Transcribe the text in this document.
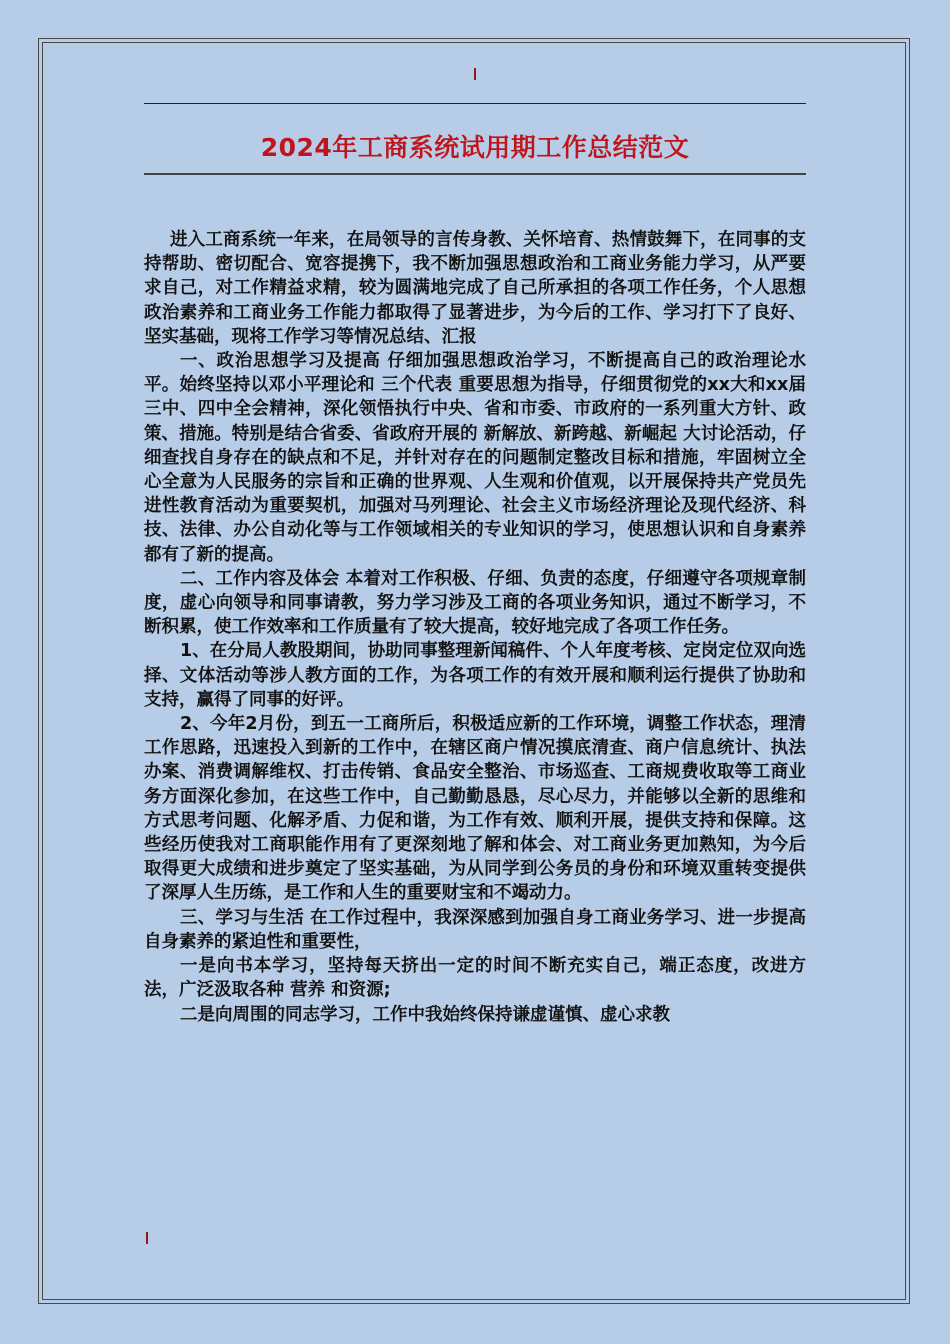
2024年工商系统试用期工作总结范文

进入工商系统一年来，在局领导的言传身教、关怀培育、热情鼓舞下，在同事的支持帮助、密切配合、宽容提携下，我不断加强思想政治和工商业务能力学习，从严要求自己，对工作精益求精，较为圆满地完成了自己所承担的各项工作任务，个人思想政治素养和工商业务工作能力都取得了显著进步，为今后的工作、学习打下了良好、坚实基础，现将工作学习等情况总结、汇报

一、政治思想学习及提高 仔细加强思想政治学习，不断提高自己的政治理论水平。始终坚持以邓小平理论和 三个代表 重要思想为指导，仔细贯彻党的xx大和xx届三中、四中全会精神，深化领悟执行中央、省和市委、市政府的一系列重大方针、政策、措施。特别是结合省委、省政府开展的 新解放、新跨越、新崛起 大讨论活动，仔细查找自身存在的缺点和不足，并针对存在的问题制定整改目标和措施，牢固树立全心全意为人民服务的宗旨和正确的世界观、人生观和价值观，以开展保持共产党员先进性教育活动为重要契机，加强对马列理论、社会主义市场经济理论及现代经济、科技、法律、办公自动化等与工作领域相关的专业知识的学习，使思想认识和自身素养都有了新的提高。

二、工作内容及体会 本着对工作积极、仔细、负责的态度，仔细遵守各项规章制度，虚心向领导和同事请教，努力学习涉及工商的各项业务知识，通过不断学习，不断积累，使工作效率和工作质量有了较大提高，较好地完成了各项工作任务。

1、在分局人教股期间，协助同事整理新闻稿件、个人年度考核、定岗定位双向选择、文体活动等涉人教方面的工作，为各项工作的有效开展和顺利运行提供了协助和支持，赢得了同事的好评。

2、今年2月份，到五一工商所后，积极适应新的工作环境，调整工作状态，理清工作思路，迅速投入到新的工作中，在辖区商户情况摸底清查、商户信息统计、执法办案、消费调解维权、打击传销、食品安全整治、市场巡查、工商规费收取等工商业务方面深化参加，在这些工作中，自己勤勤恳恳，尽心尽力，并能够以全新的思维和方式思考问题、化解矛盾、力促和谐，为工作有效、顺利开展，提供支持和保障。这些经历使我对工商职能作用有了更深刻地了解和体会、对工商业务更加熟知，为今后取得更大成绩和进步奠定了坚实基础，为从同学到公务员的身份和环境双重转变提供了深厚人生历练，是工作和人生的重要财宝和不竭动力。

三、学习与生活 在工作过程中，我深深感到加强自身工商业务学习、进一步提高自身素养的紧迫性和重要性，

一是向书本学习，坚持每天挤出一定的时间不断充实自己，端正态度，改进方法，广泛汲取各种 营养 和资源;

二是向周围的同志学习，工作中我始终保持谦虚谨慎、虚心求教
